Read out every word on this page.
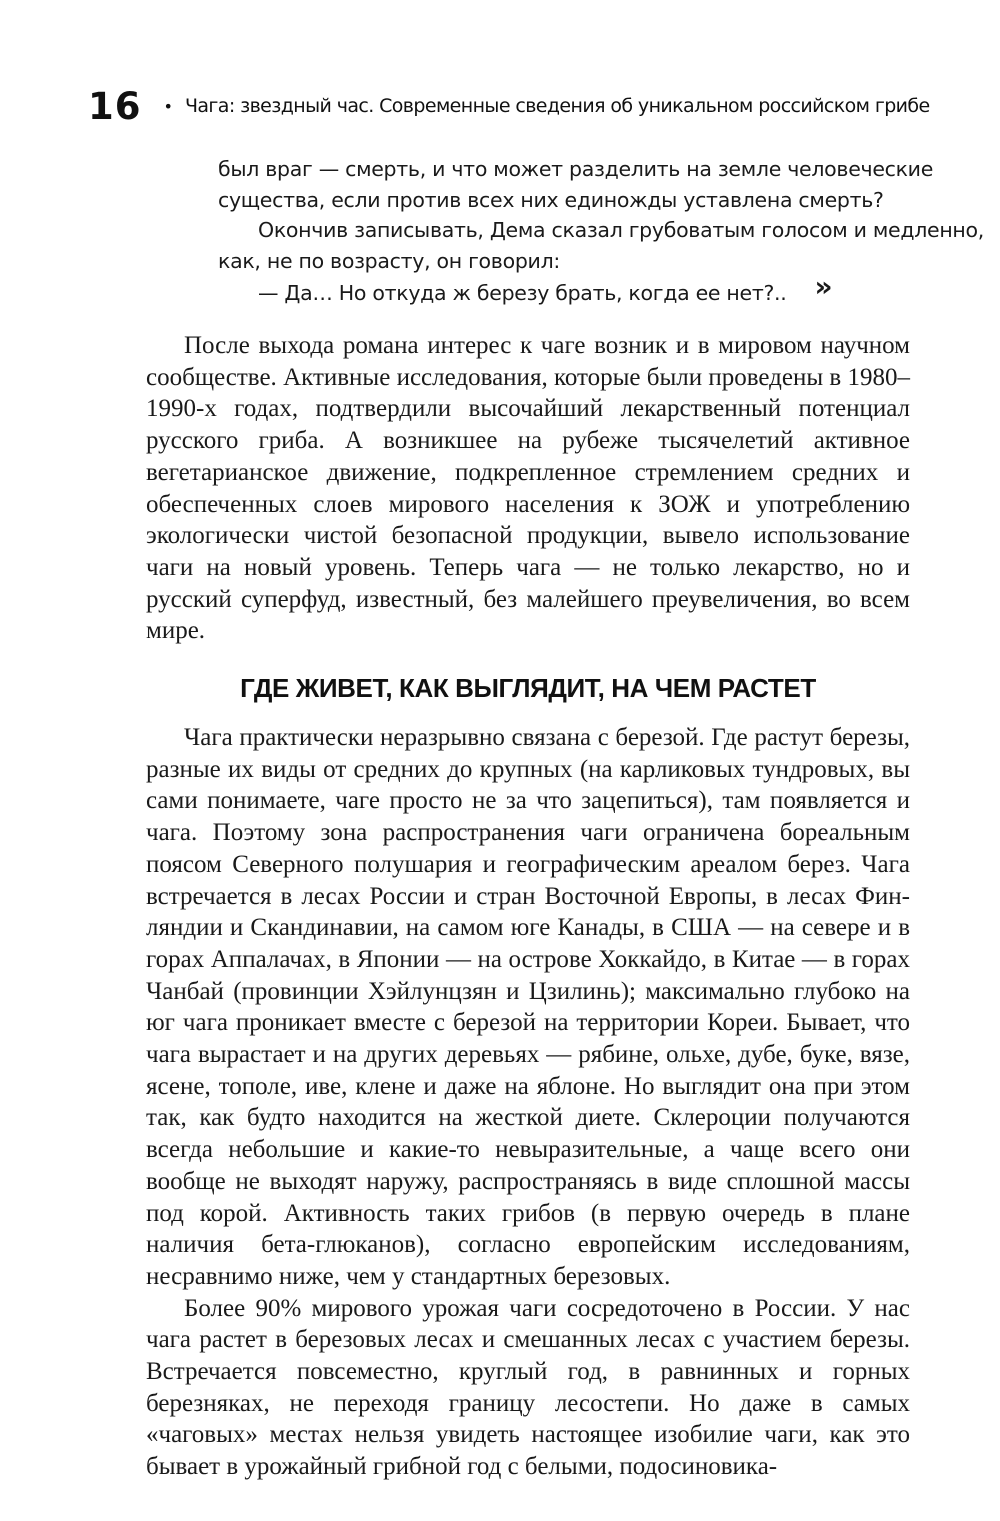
16 • Чага: звездный час. Современные сведения об уникальном российском грибе
был враг — смерть, и что может разделить на земле человеческие
существа, если против всех них единожды уставлена смерть?
Окончив записывать, Дема сказал грубоватым голосом и медленно,
как, не по возрасту, он говорил:
— Да… Но откуда ж березу брать, когда ее нет?.. »

После выхода романа интерес к чаге возник и в мировом научном сообществе. Активные исследования, которые были проведены в 1980–1990-х годах, подтвердили высочайший лекарственный потенциал русского гриба. А возникшее на рубеже тысячелетий активное вегетарианское движение, подкрепленное стремлением средних и обеспеченных слоев мирового населения к ЗОЖ и употреблению экологически чистой безопасной продукции, вывело использование чаги на новый уровень. Теперь чага — не только лекарство, но и русский суперфуд, известный, без малейшего преувеличения, во всем мире.

ГДЕ ЖИВЕТ, КАК ВЫГЛЯДИТ, НА ЧЕМ РАСТЕТ

Чага практически неразрывно связана с березой. Где растут березы, разные их виды от средних до крупных (на карликовых тундровых, вы сами понимаете, чаге просто не за что зацепиться), там появляется и чага. Поэтому зона распространения чаги ограничена бореальным поясом Северного полушария и географическим ареалом берез. Чага встречается в лесах России и стран Восточной Европы, в лесах Финляндии и Скандинавии, на самом юге Канады, в США — на севере и в горах Аппалачах, в Японии — на острове Хоккайдо, в Китае — в горах Чанбай (провинции Хэйлунцзян и Цзилинь); максимально глубоко на юг чага проникает вместе с березой на территории Кореи. Бывает, что чага вырастает и на других деревьях — рябине, ольхе, дубе, буке, вязе, ясене, тополе, иве, клене и даже на яблоне. Но выглядит она при этом так, как будто находится на жесткой диете. Склероции получаются всегда небольшие и какие-то невыразительные, а чаще всего они вообще не выходят наружу, распространяясь в виде сплошной массы под корой. Активность таких грибов (в первую очередь в плане наличия бета-глюканов), согласно европейским исследованиям, несравнимо ниже, чем у стандартных березовых.

Более 90% мирового урожая чаги сосредоточено в России. У нас чага растет в березовых лесах и смешанных лесах с участием березы. Встречается повсеместно, круглый год, в равнинных и горных березняках, не переходя границу лесостепи. Но даже в самых «чаговых» местах нельзя увидеть настоящее изобилие чаги, как это бывает в урожайный грибной год с белыми, подосиновика-
